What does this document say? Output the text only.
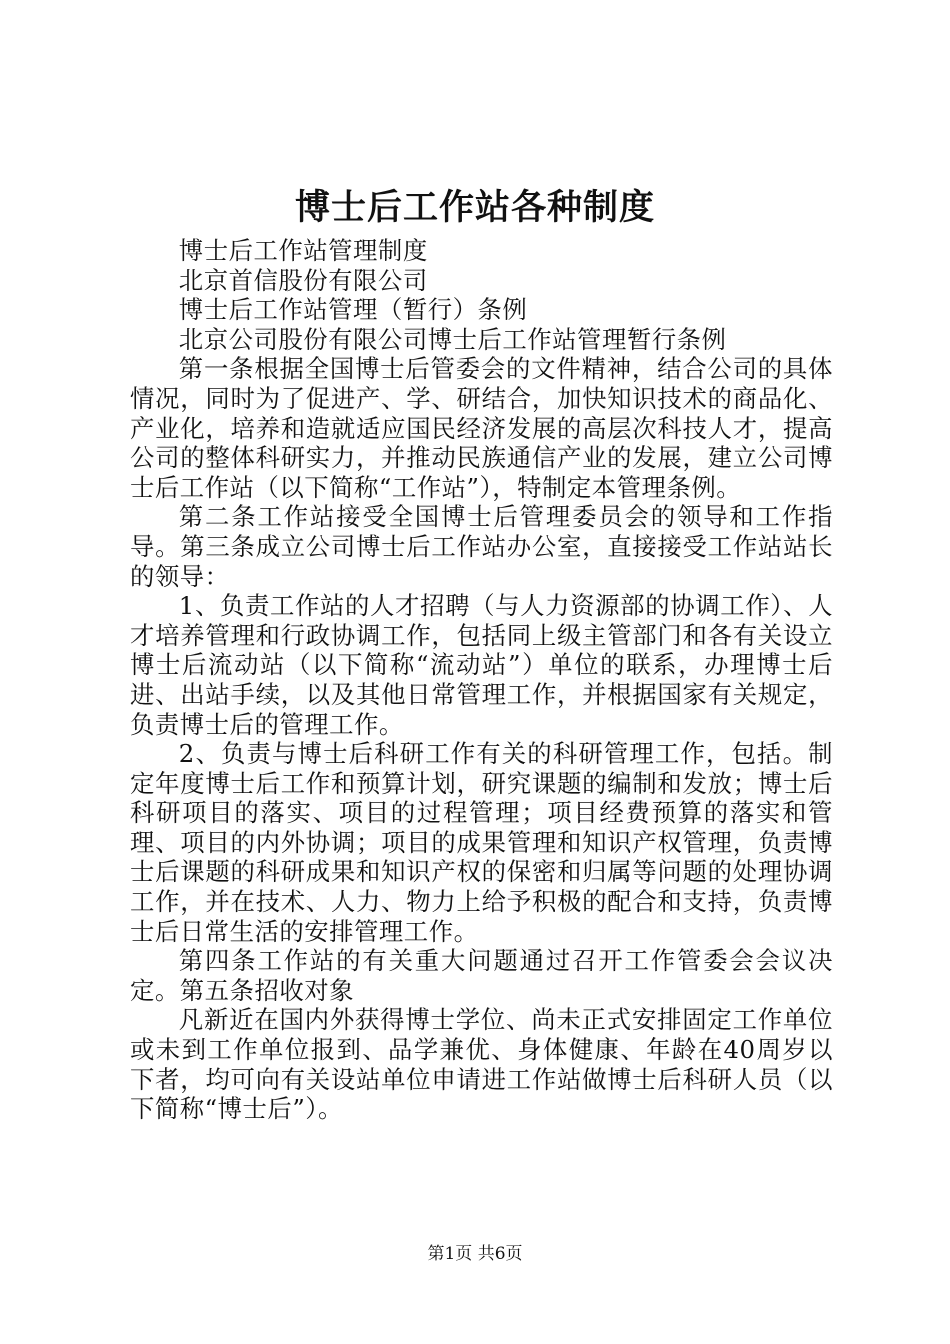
博士后工作站各种制度

博士后工作站管理制度

北京首信股份有限公司

博士后工作站管理（暂行）条例

北京公司股份有限公司博士后工作站管理暂行条例

第一条根据全国博士后管委会的文件精神，结合公司的具体情况，同时为了促进产、学、研结合，加快知识技术的商品化、产业化，培养和造就适应国民经济发展的高层次科技人才，提高公司的整体科研实力，并推动民族通信产业的发展，建立公司博士后工作站（以下简称“工作站”），特制定本管理条例。

第二条工作站接受全国博士后管理委员会的领导和工作指导。第三条成立公司博士后工作站办公室，直接接受工作站站长的领导：

1、负责工作站的人才招聘（与人力资源部的协调工作）、人才培养管理和行政协调工作，包括同上级主管部门和各有关设立博士后流动站（以下简称“流动站”）单位的联系，办理博士后进、出站手续，以及其他日常管理工作，并根据国家有关规定，负责博士后的管理工作。

2、负责与博士后科研工作有关的科研管理工作，包括。制定年度博士后工作和预算计划，研究课题的编制和发放；博士后科研项目的落实、项目的过程管理；项目经费预算的落实和管理、项目的内外协调；项目的成果管理和知识产权管理，负责博士后课题的科研成果和知识产权的保密和归属等问题的处理协调工作，并在技术、人力、物力上给予积极的配合和支持，负责博士后日常生活的安排管理工作。

第四条工作站的有关重大问题通过召开工作管委会会议决定。第五条招收对象

凡新近在国内外获得博士学位、尚未正式安排固定工作单位或未到工作单位报到、品学兼优、身体健康、年龄在40周岁以下者，均可向有关设站单位申请进工作站做博士后科研人员（以下简称“博士后”）。

第1页 共6页
